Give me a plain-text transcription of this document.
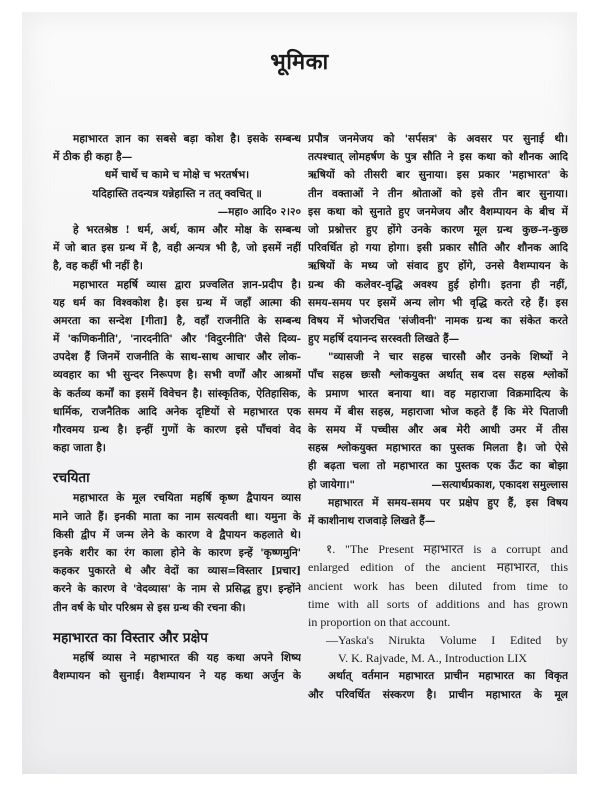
भूमिका
महाभारत ज्ञान का सबसे बड़ा कोश है। इसके सम्बन्ध
में ठीक ही कहा है—
धर्मे चार्थे च कामे च मोक्षे च भरतर्षभ।
यदिहास्ति तदन्यत्र यन्नेहास्ति न तत् क्वचित् ॥
—महा० आदि० २।२०
हे भरतश्रेष्ठ ! धर्म, अर्थ, काम और मोक्ष के सम्बन्ध
में जो बात इस ग्रन्थ में है, वही अन्यत्र भी है, जो इसमें नहीं
है, वह कहीं भी नहीं है।
महाभारत महर्षि व्यास द्वारा प्रज्वलित ज्ञान-प्रदीप है।
यह धर्म का विश्वकोश है। इस ग्रन्थ में जहाँ आत्मा की
अमरता का सन्देश [गीता] है, वहाँ राजनीति के सम्बन्ध
में 'कणिकनीति', 'नारदनीति' और 'विदुरनीति' जैसे दिव्य-
उपदेश हैं जिनमें राजनीति के साथ-साथ आचार और लोक-
व्यवहार का भी सुन्दर निरूपण है। सभी वर्णों और आश्रमों
के कर्तव्य कर्मों का इसमें विवेचन है। सांस्कृतिक, ऐतिहासिक,
धार्मिक, राजनैतिक आदि अनेक दृष्टियों से महाभारत एक
गौरवमय ग्रन्थ है। इन्हीं गुणों के कारण इसे पाँचवां वेद
कहा जाता है।
रचयिता
महाभारत के मूल रचयिता महर्षि कृष्ण द्वैपायन व्यास
माने जाते हैं। इनकी माता का नाम सत्यवती था। यमुना के
किसी द्वीप में जन्म लेने के कारण वे द्वैपायन कहलाते थे।
इनके शरीर का रंग काला होने के कारण इन्हें 'कृष्णमुनि'
कहकर पुकारते थे और वेदों का व्यास=विस्तार [प्रचार]
करने के कारण वे 'वेदव्यास' के नाम से प्रसिद्ध हुए। इन्होंने
तीन वर्ष के घोर परिश्रम से इस ग्रन्थ की रचना की।
महाभारत का विस्तार और प्रक्षेप
महर्षि व्यास ने महाभारत की यह कथा अपने शिष्य
वैशम्पायन को सुनाई। वैशम्पायन ने यह कथा अर्जुन के
प्रपौत्र जनमेजय को 'सर्पसत्र' के अवसर पर सुनाई थी।
तत्पश्चात् लोमहर्षण के पुत्र सौति ने इस कथा को शौनक आदि
ऋषियों को तीसरी बार सुनाया। इस प्रकार 'महाभारत' के
तीन वक्ताओं ने तीन श्रोताओं को इसे तीन बार सुनाया।
इस कथा को सुनाते हुए जनमेजय और वैशम्पायन के बीच में
जो प्रश्नोत्तर हुए होंगे उनके कारण मूल ग्रन्थ कुछ-न-कुछ
परिवर्धित हो गया होगा। इसी प्रकार सौति और शौनक आदि
ऋषियों के मध्य जो संवाद हुए होंगे, उनसे वैशम्पायन के
ग्रन्थ की कलेवर-वृद्धि अवश्य हुई होगी। इतना ही नहीं,
समय-समय पर इसमें अन्य लोग भी वृद्धि करते रहे हैं। इस
विषय में भोजरचित 'संजीवनी' नामक ग्रन्थ का संकेत करते
हुए महर्षि दयानन्द सरस्वती लिखते हैं—
"व्यासजी ने चार सहस्र चारसौ और उनके शिष्यों ने
पाँच सहस्र छःसौ श्लोकयुक्त अर्थात् सब दस सहस्र श्लोकों
के प्रमाण भारत बनाया था। वह महाराजा विक्रमादित्य के
समय में बीस सहस्र, महाराजा भोज कहते हैं कि मेरे पिताजी
के समय में पच्चीस और अब मेरी आधी उमर में तीस
सहस्र श्लोकयुक्त महाभारत का पुस्तक मिलता है। जो ऐसे
ही बढ़ता चला तो महाभारत का पुस्तक एक ऊँट का बोझा
हो जायेगा।"	—सत्यार्थप्रकाश, एकादश समुल्लास
महाभारत में समय-समय पर प्रक्षेप हुए हैं, इस विषय
में काशीनाथ राजवाड़े लिखते हैं—
१. "The Present महाभारत is a corrupt and
enlarged edition of the ancient महाभारत, this
ancient work has been diluted from time to
time with all sorts of additions and has grown
in proportion on that account.
—Yaska's Nirukta Volume I Edited by
V. K. Rajvade, M. A., Introduction LIX
अर्थात् वर्तमान महाभारत प्राचीन महाभारत का विकृत
और परिवर्धित संस्करण है। प्राचीन महाभारत के मूल
